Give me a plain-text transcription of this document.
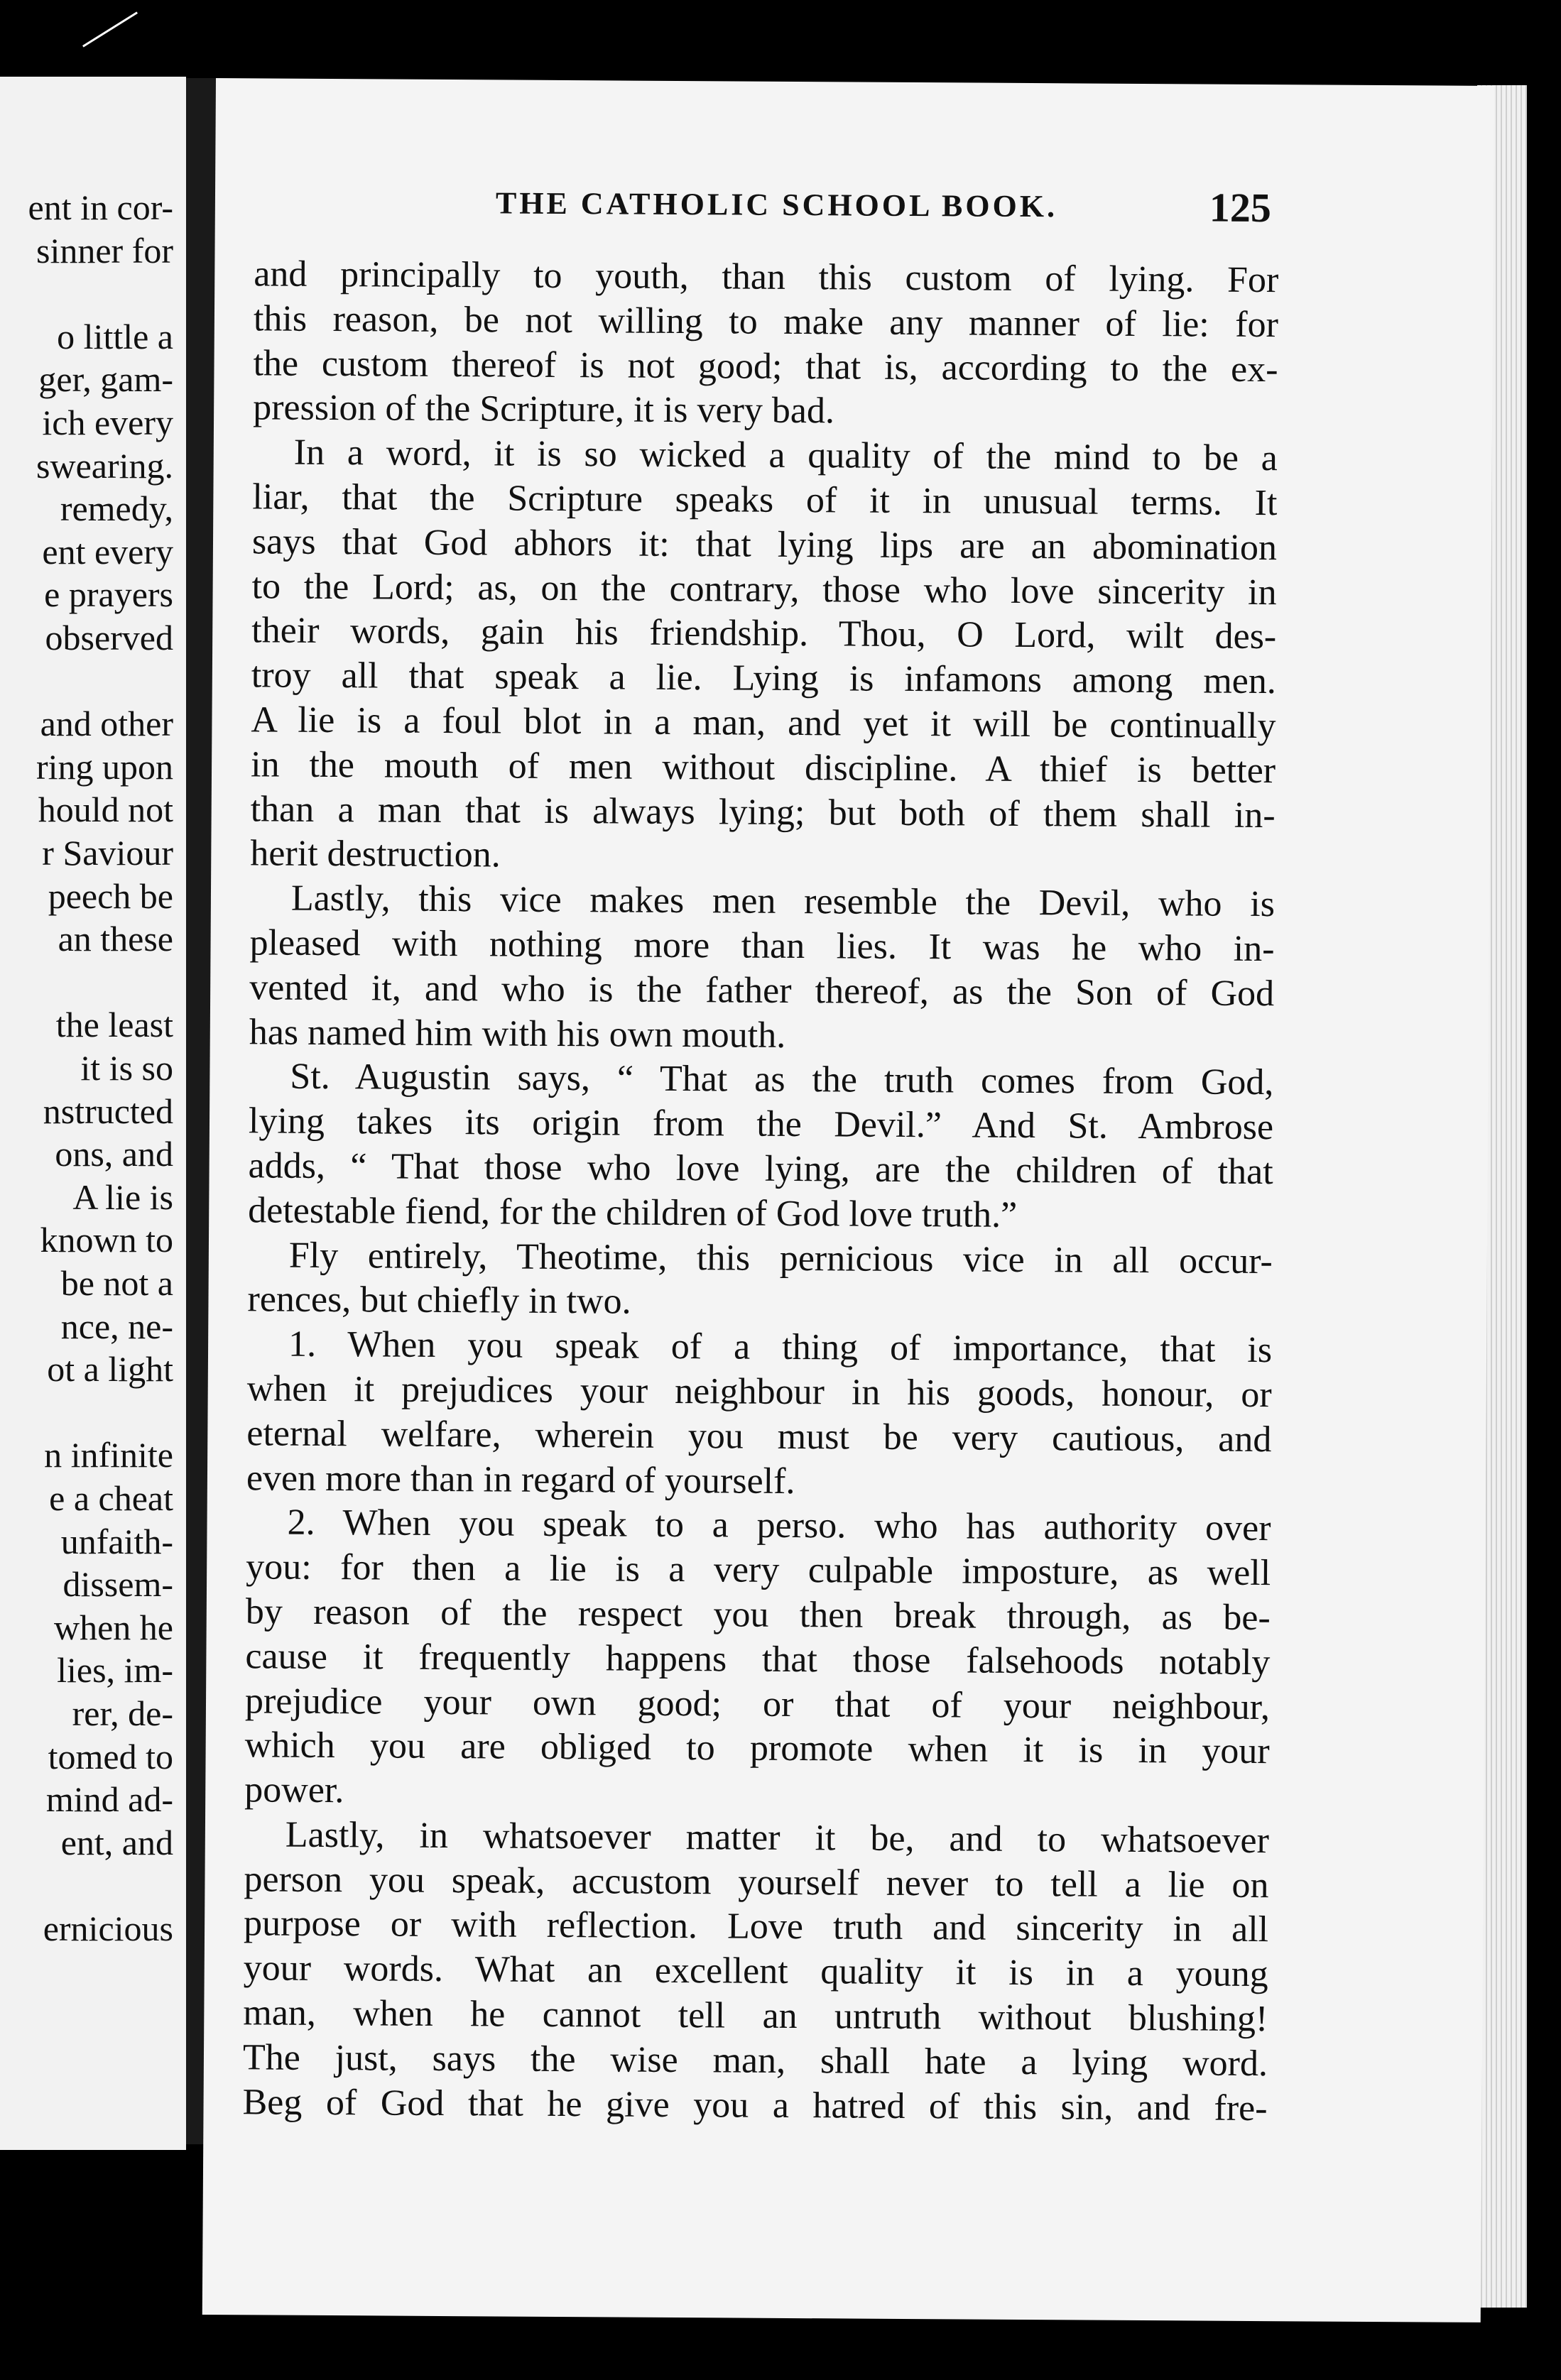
ent in cor-
sinner for
o little a
ger, gam-
ich every
swearing.
remedy,
ent every
e prayers
observed
and other
ring upon
hould not
r Saviour
peech be
an these
the least
it is so
nstructed
ons, and
A lie is
known to
be not a
nce, ne-
ot a light
n infinite
e a cheat
unfaith-
dissem-
when he
lies, im-
rer, de-
tomed to
mind ad-
ent, and
ernicious
THE CATHOLIC SCHOOL BOOK.	125
and principally to youth, than this custom of lying. For
this reason, be not willing to make any manner of lie: for
the custom thereof is not good; that is, according to the ex-
pression of the Scripture, it is very bad.
In a word, it is so wicked a quality of the mind to be a
liar, that the Scripture speaks of it in unusual terms. It
says that God abhors it: that lying lips are an abomination
to the Lord; as, on the contrary, those who love sincerity in
their words, gain his friendship. Thou, O Lord, wilt des-
troy all that speak a lie. Lying is infamons among men.
A lie is a foul blot in a man, and yet it will be continually
in the mouth of men without discipline. A thief is better
than a man that is always lying; but both of them shall in-
herit destruction.
Lastly, this vice makes men resemble the Devil, who is
pleased with nothing more than lies. It was he who in-
vented it, and who is the father thereof, as the Son of God
has named him with his own mouth.
St. Augustin says, “ That as the truth comes from God,
lying takes its origin from the Devil.” And St. Ambrose
adds, “ That those who love lying, are the children of that
detestable fiend, for the children of God love truth.”
Fly entirely, Theotime, this pernicious vice in all occur-
rences, but chiefly in two.
1. When you speak of a thing of importance, that is
when it prejudices your neighbour in his goods, honour, or
eternal welfare, wherein you must be very cautious, and
even more than in regard of yourself.
2. When you speak to a perso. who has authority over
you: for then a lie is a very culpable imposture, as well
by reason of the respect you then break through, as be-
cause it frequently happens that those falsehoods notably
prejudice your own good; or that of your neighbour,
which you are obliged to promote when it is in your
power.
Lastly, in whatsoever matter it be, and to whatsoever
person you speak, accustom yourself never to tell a lie on
purpose or with reflection. Love truth and sincerity in all
your words. What an excellent quality it is in a young
man, when he cannot tell an untruth without blushing!
The just, says the wise man, shall hate a lying word.
Beg of God that he give you a hatred of this sin, and fre-
